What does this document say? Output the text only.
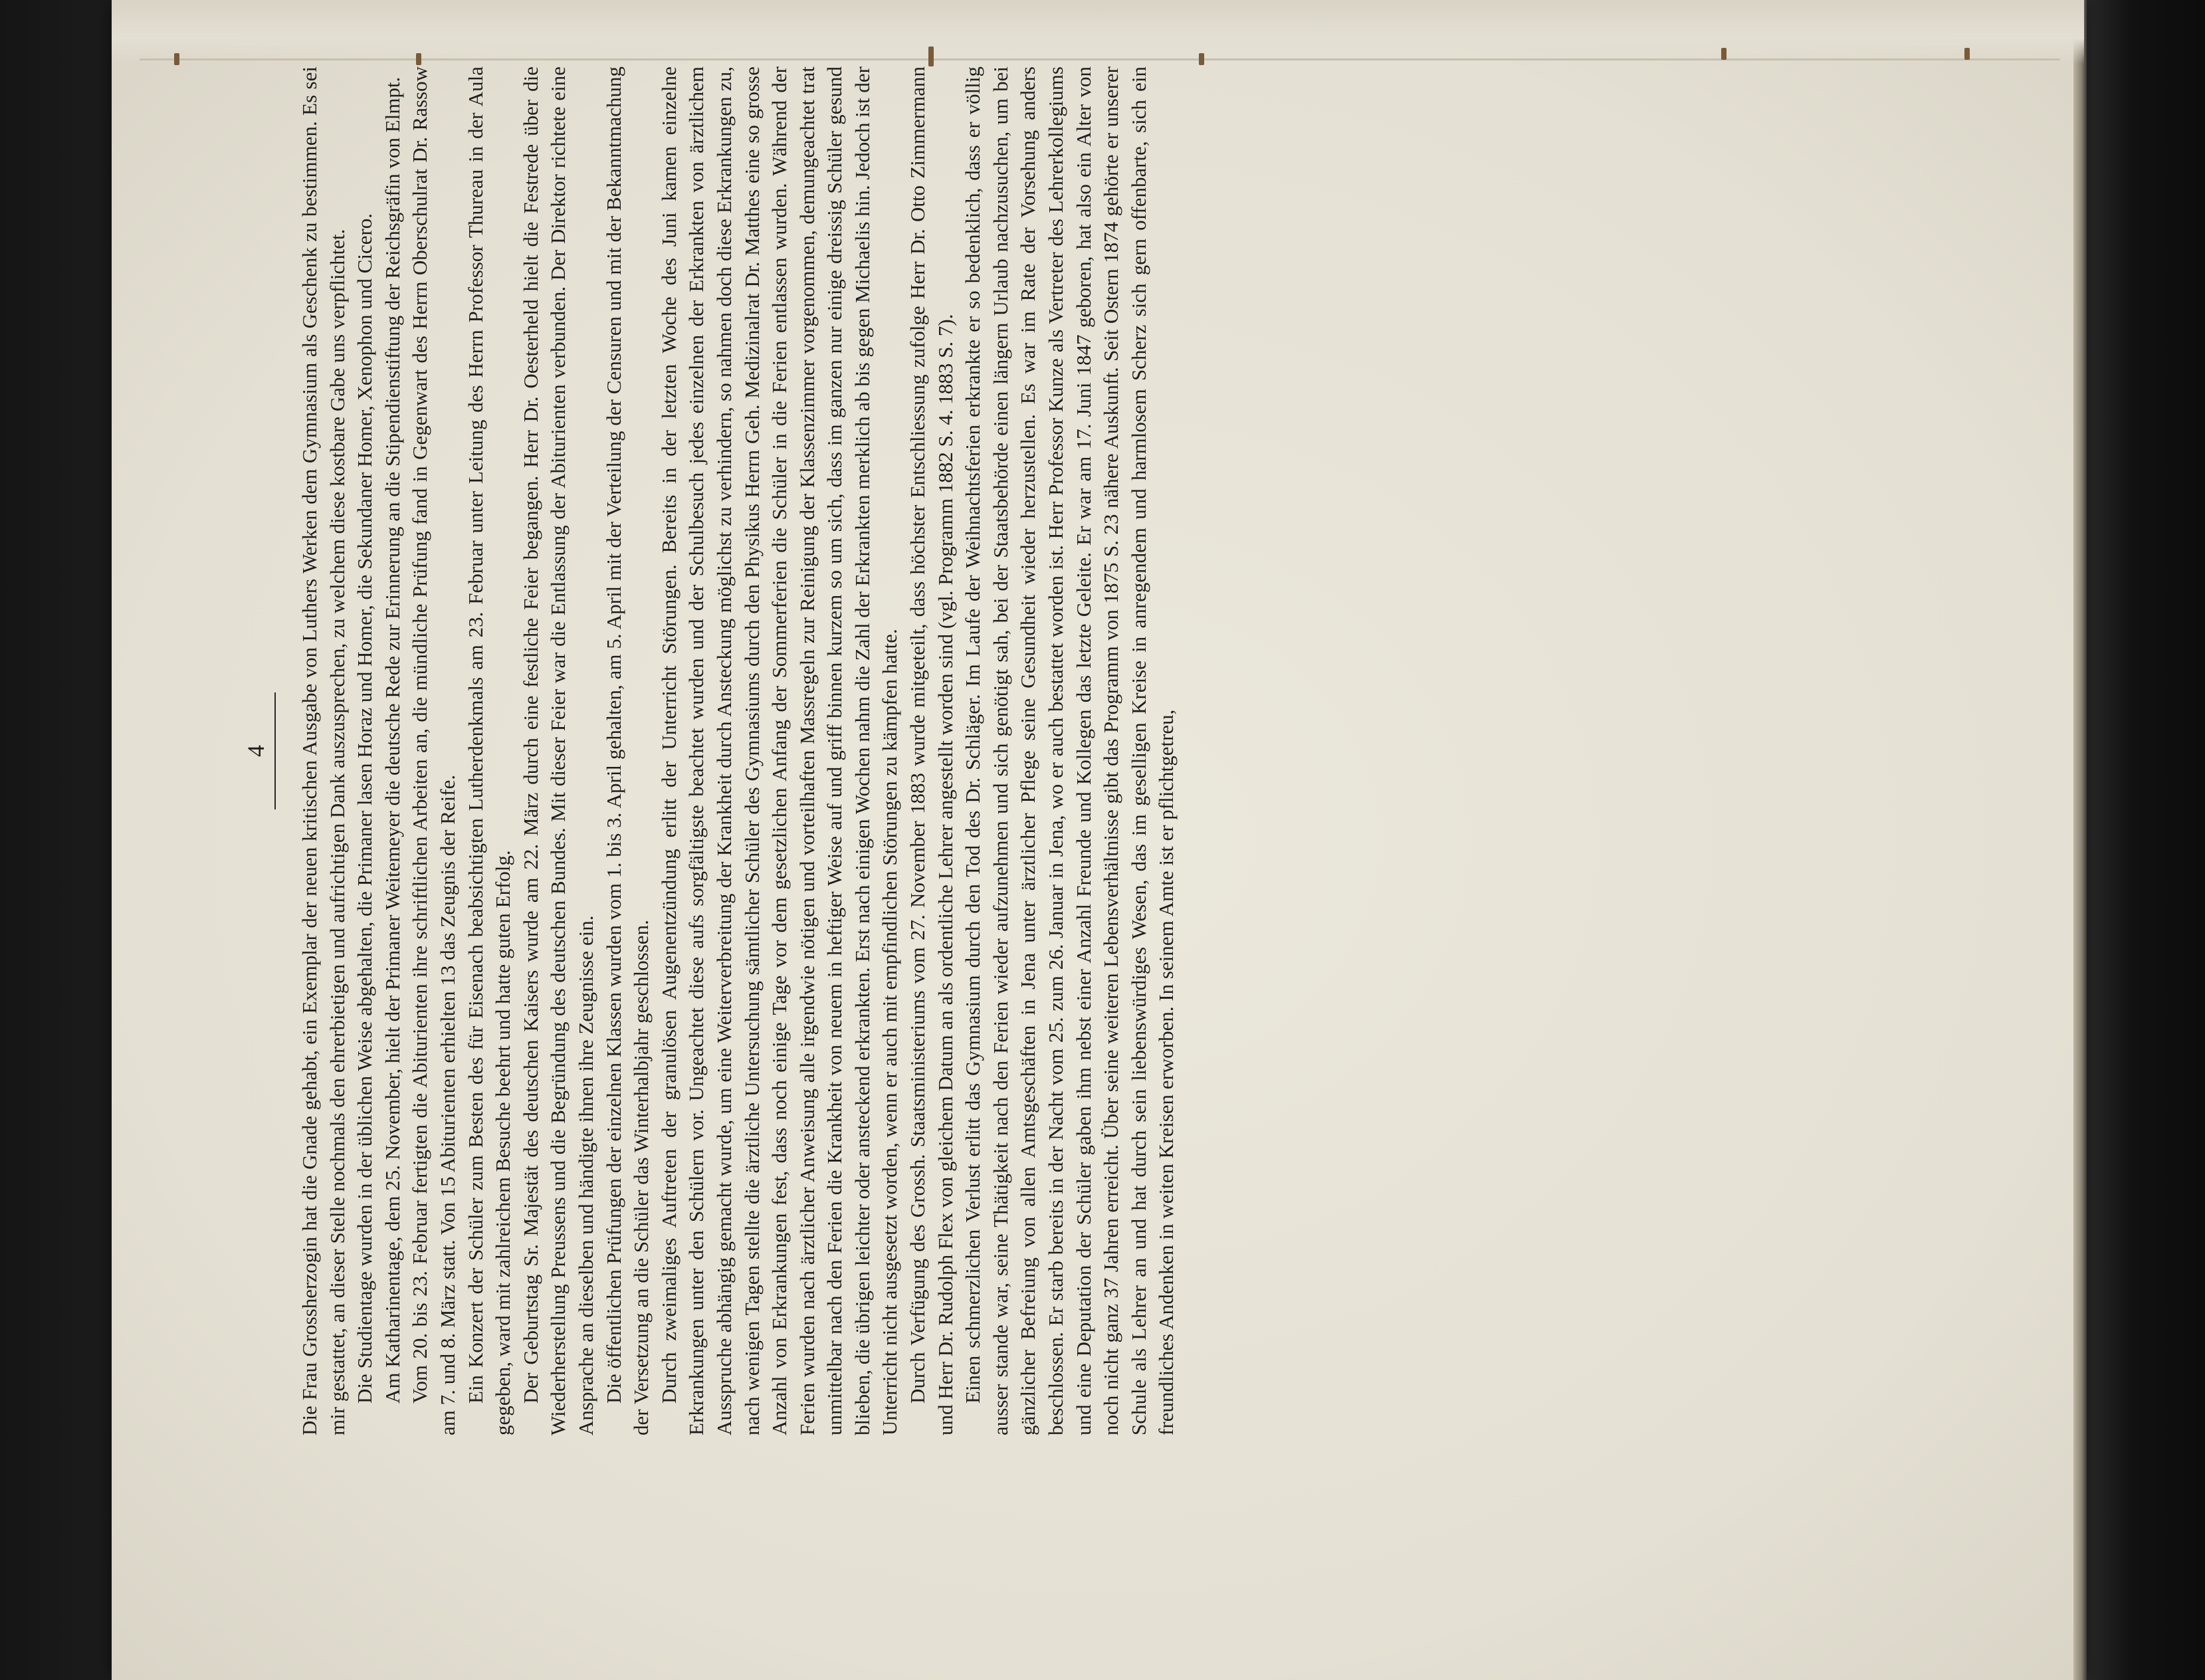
4 Die Frau Grossherzogin hat die Gnade gehabt, ein Exemplar der neuen kritischen Ausgabe von Luthers Werken dem Gymnasium als Geschenk zu bestimmen. Es sei mir gestattet, an dieser Stelle nochmals den ehrerbietigen und aufrichtigen Dank auszusprechen, zu welchem diese kostbare Gabe uns verpflichtet. Die Studientage wurden in der üblichen Weise abgehalten, die Primaner lasen Horaz und Homer, die Sekundaner Homer, Xenophon und Cicero. Am Katharinentage, dem 25. November, hielt der Primaner Weitemeyer die deutsche Rede zur Erinnerung an die Stipendienstiftung der Reichsgräfin von Elmpt. Vom 20. bis 23. Februar fertigten die Abiturienten ihre schriftlichen Arbeiten an, die mündliche Prüfung fand in Gegenwart des Herrn Oberschulrat Dr. Rassow am 7. und 8. März statt. Von 15 Abiturienten erhielten 13 das Zeugnis der Reife. Ein Konzert der Schüler zum Besten des für Eisenach beabsichtigten Lutherdenkmals am 23. Februar unter Leitung des Herrn Professor Thureau in der Aula gegeben, ward mit zahlreichem Besuche beehrt und hatte guten Erfolg. Der Geburtstag Sr. Majestät des deutschen Kaisers wurde am 22. März durch eine festliche Feier begangen. Herr Dr. Oesterheld hielt die Festrede über die Wiederherstellung Preussens und die Begründung des deutschen Bundes. Mit dieser Feier war die Entlassung der Abiturienten verbunden. Der Direktor richtete eine Ansprache an dieselben und händigte ihnen ihre Zeugnisse ein. Die öffentlichen Prüfungen der einzelnen Klassen wurden vom 1. bis 3. April gehalten, am 5. April mit der Verteilung der Censuren und mit der Bekanntmachung der Versetzung an die Schüler das Winterhalbjahr geschlossen. Durch zweimaliges Auftreten der granulösen Augenentzündung erlitt der Unterricht Störungen. Bereits in der letzten Woche des Juni kamen einzelne Erkrankungen unter den Schülern vor. Ungeachtet diese aufs sorgfältigste beachtet wurden und der Schulbesuch jedes einzelnen der Erkrankten von ärztlichem Ausspruche abhängig gemacht wurde, um eine Weiterverbreitung der Krankheit durch Ansteckung möglichst zu verhindern, so nahmen doch diese Erkrankungen zu, nach wenigen Tagen stellte die ärztliche Untersuchung sämtlicher Schüler des Gymnasiums durch den Physikus Herrn Geh. Medizinalrat Dr. Matthes eine so grosse Anzahl von Erkrankungen fest, dass noch einige Tage vor dem gesetzlichen Anfang der Sommerferien die Schüler in die Ferien entlassen wurden. Während der Ferien wurden nach ärztlicher Anweisung alle irgendwie nötigen und vorteilhaften Massregeln zur Reinigung der Klassenzimmer vorgenommen, demungeachtet trat unmittelbar nach den Ferien die Krankheit von neuem in heftiger Weise auf und griff binnen kurzem so um sich, dass im ganzen nur einige dreissig Schüler gesund blieben, die übrigen leichter oder ansteckend erkrankten. Erst nach einigen Wochen nahm die Zahl der Erkrankten merklich ab bis gegen Michaelis hin. Jedoch ist der Unterricht nicht ausgesetzt worden, wenn er auch mit empfindlichen Störungen zu kämpfen hatte. Durch Verfügung des Grossh. Staatsministeriums vom 27. November 1883 wurde mitgeteilt, dass höchster Entschliessung zufolge Herr Dr. Otto Zimmermann und Herr Dr. Rudolph Flex von gleichem Datum an als ordentliche Lehrer angestellt worden sind (vgl. Programm 1882 S. 4. 1883 S. 7). Einen schmerzlichen Verlust erlitt das Gymnasium durch den Tod des Dr. Schläger. Im Laufe der Weihnachtsferien erkrankte er so bedenklich, dass er völlig ausser stande war, seine Thätigkeit nach den Ferien wieder aufzunehmen und sich genötigt sah, bei der Staatsbehörde einen längern Urlaub nachzusuchen, um bei gänzlicher Befreiung von allen Amtsgeschäften in Jena unter ärztlicher Pflege seine Gesundheit wieder herzustellen. Es war im Rate der Vorsehung anders beschlossen. Er starb bereits in der Nacht vom 25. zum 26. Januar in Jena, wo er auch bestattet worden ist. Herr Professor Kunze als Vertreter des Lehrerkollegiums und eine Deputation der Schüler gaben ihm nebst einer Anzahl Freunde und Kollegen das letzte Geleite. Er war am 17. Juni 1847 geboren, hat also ein Alter von noch nicht ganz 37 Jahren erreicht. Über seine weiteren Lebensverhältnisse gibt das Programm von 1875 S. 23 nähere Auskunft. Seit Ostern 1874 gehörte er unserer Schule als Lehrer an und hat durch sein liebenswürdiges Wesen, das im geselligen Kreise in anregendem und harmlosem Scherz sich gern offenbarte, sich ein freundliches Andenken in weiten Kreisen erworben. In seinem Amte ist er pflichtgetreu,
